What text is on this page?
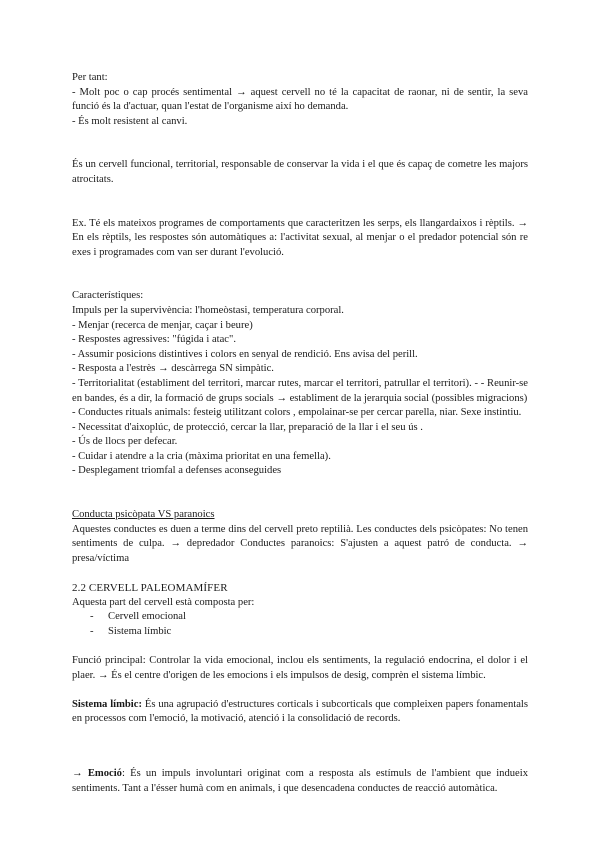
Per tant:

- Molt poc o cap procés sentimental → aquest cervell no té la capacitat de raonar, ni de sentir, la seva funció és la d'actuar, quan l'estat de l'organisme així ho demanda.

- És molt resistent al canvi.

És un cervell funcional, territorial, responsable de conservar la vida i el que és capaç de cometre les majors atrocitats.

Ex. Té els mateixos programes de comportaments que caracteritzen les serps, els llangardaixos i rèptils. → En els rèptils, les respostes són automàtiques a: l'activitat sexual, al menjar o el predador potencial són re exes i programades com van ser durant l'evolució.

Característiques:

Impuls per la supervivència: l'homeòstasi, temperatura corporal.

- Menjar (recerca de menjar, caçar i beure)

- Respostes agressives: "fúgida i atac".

- Assumir posicions distintives i colors en senyal de rendició. Ens avisa del perill.

- Resposta a l'estrès → descàrrega SN simpàtic.

- Territorialitat (establiment del territori, marcar rutes, marcar el territori, patrullar el territori). - - Reunir-se en bandes, és a dir, la formació de grups socials → establiment de la jerarquia social (possibles migracions)

- Conductes rituals animals: festeig utilitzant colors , empolainar-se per cercar parella, niar. Sexe instintiu.

- Necessitat d'aixoplúc, de protecció, cercar la llar, preparació de la llar i el seu ús .

- Ús de llocs per defecar.

- Cuidar i atendre a la cria (màxima prioritat en una femella).

- Desplegament triomfal a defenses aconseguides

Conducta psicòpata VS paranoics

Aquestes conductes es duen a terme dins del cervell preto reptilià. Les conductes dels psicòpates: No tenen sentiments de culpa. → depredador Conductes paranoics: S'ajusten a aquest patró de conducta. → presa/víctima

2.2 CERVELL PALEOMAMÍFER

Aquesta part del cervell està composta per:

- Cervell emocional
- Sistema límbic

Funció principal: Controlar la vida emocional, inclou els sentiments, la regulació endocrina, el dolor i el plaer. → És el centre d'origen de les emocions i els impulsos de desig, comprèn el sistema límbic.

Sistema límbic: És una agrupació d'estructures corticals i subcorticals que compleixen papers fonamentals en processos com l'emoció, la motivació, atenció i la consolidació de records.

→ Emoció: És un impuls involuntari originat com a resposta als estímuls de l'ambient que indueix sentiments. Tant a l'ésser humà com en animals, i que desencadena conductes de reacció automàtica.
